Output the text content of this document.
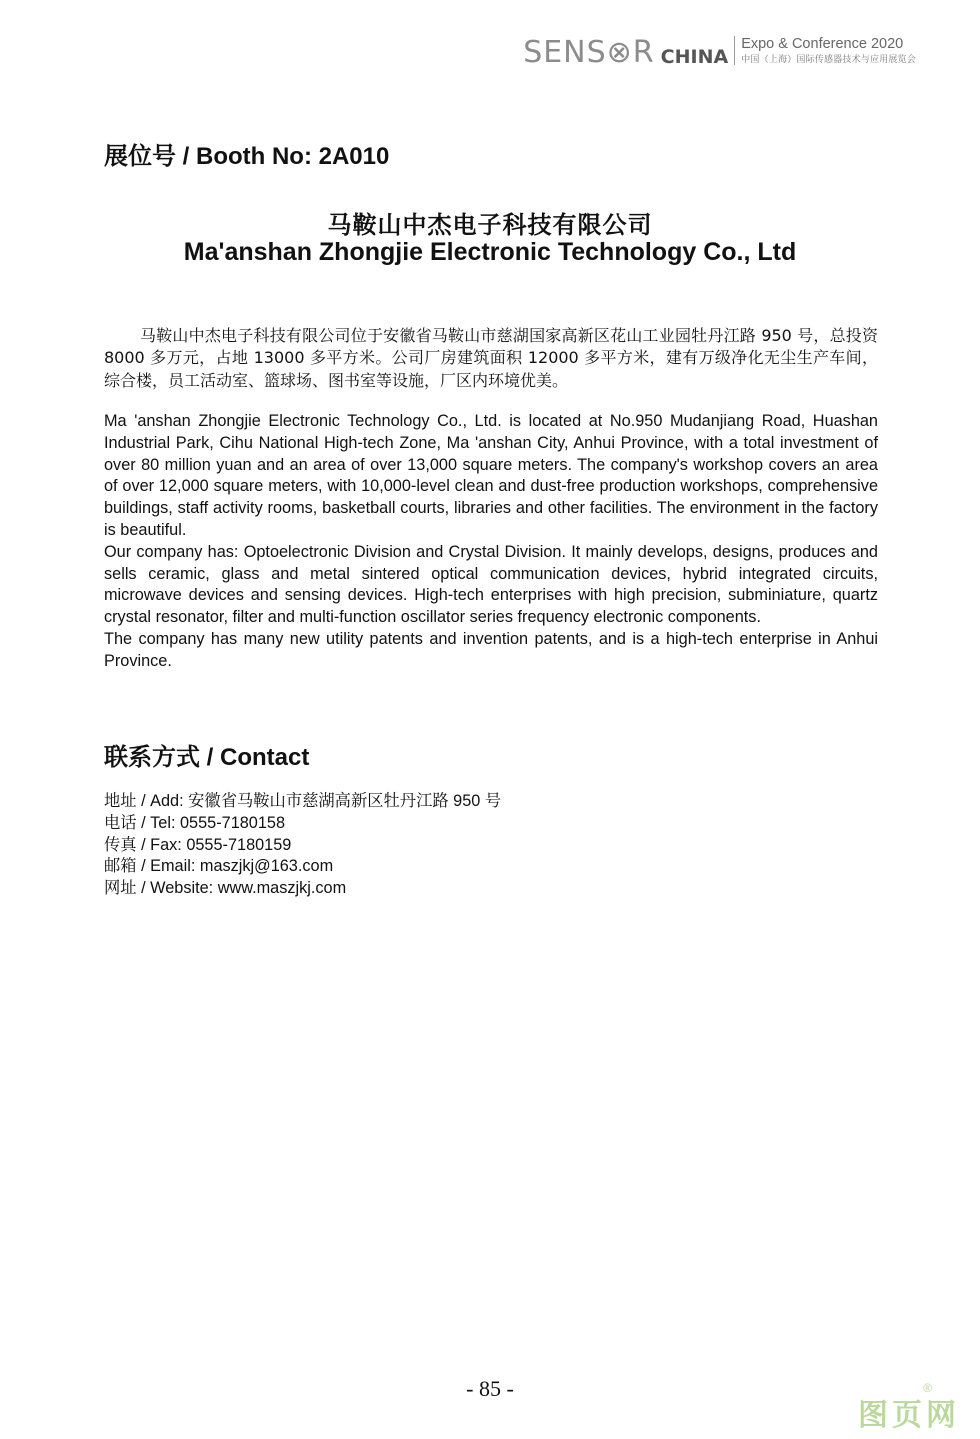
SENS⊗R CHINA
Expo & Conference 2020
中国（上海）国际传感器技术与应用展览会
展位号 / Booth No: 2A010
马鞍山中杰电子科技有限公司
Ma'anshan Zhongjie Electronic Technology Co., Ltd
马鞍山中杰电子科技有限公司位于安徽省马鞍山市慈湖国家高新区花山工业园牡丹江路 950 号，总投资 8000 多万元，占地 13000 多平方米。公司厂房建筑面积 12000 多平方米，建有万级净化无尘生产车间，综合楼，员工活动室、篮球场、图书室等设施，厂区内环境优美。

Ma 'anshan Zhongjie Electronic Technology Co., Ltd. is located at No.950 Mudanjiang Road, Huashan Industrial Park, Cihu National High-tech Zone, Ma 'anshan City, Anhui Province, with a total investment of over 80 million yuan and an area of over 13,000 square meters. The company's workshop covers an area of over 12,000 square meters, with 10,000-level clean and dust-free production workshops, comprehensive buildings, staff activity rooms, basketball courts, libraries and other facilities. The environment in the factory is beautiful.

Our company has: Optoelectronic Division and Crystal Division. It mainly develops, designs, produces and sells ceramic, glass and metal sintered optical communication devices, hybrid integrated circuits, microwave devices and sensing devices. High-tech enterprises with high precision, subminiature, quartz crystal resonator, filter and multi-function oscillator series frequency electronic components.

The company has many new utility patents and invention patents, and is a high-tech enterprise in Anhui Province.

联系方式 / Contact
地址 / Add: 安徽省马鞍山市慈湖高新区牡丹江路 950 号
电话 / Tel: 0555-7180158
传真 / Fax: 0555-7180159
邮箱 / Email: maszjkj@163.com
网址 / Website: www.maszjkj.com
- 85 -
图页网
®
